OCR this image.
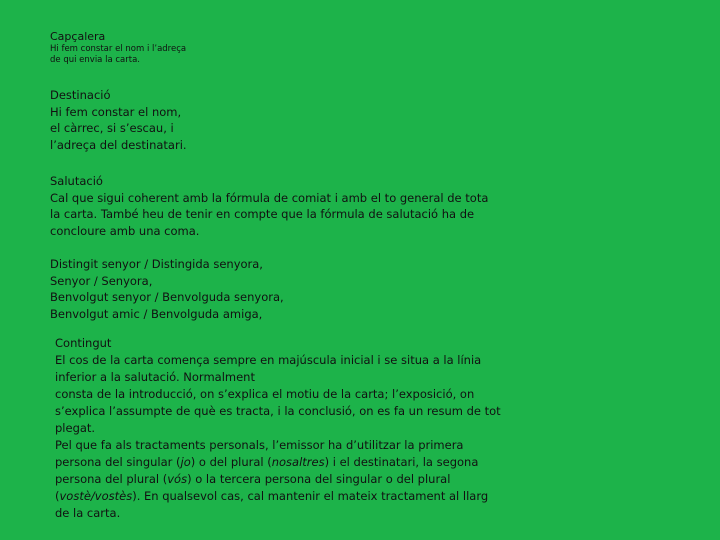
Capçalera
Hi fem constar el nom i l’adreça
de qui envia la carta.
Destinació
Hi fem constar el nom,
el càrrec, si s’escau, i
l’adreça del destinatari.
Salutació
Cal que sigui coherent amb la fórmula de comiat i amb el to general de tota
la carta. També heu de tenir en compte que la fórmula de salutació ha de
concloure amb una coma.
Distingit senyor / Distingida senyora,
Senyor / Senyora,
Benvolgut senyor / Benvolguda senyora,
Benvolgut amic / Benvolguda amiga,
Contingut
El cos de la carta comença sempre en majúscula inicial i se situa a la línia
inferior a la salutació. Normalment
consta de la introducció, on s’explica el motiu de la carta; l’exposició, on
s’explica l’assumpte de què es tracta, i la conclusió, on es fa un resum de tot
plegat.
Pel que fa als tractaments personals, l’emissor ha d’utilitzar la primera
persona del singular (jo) o del plural (nosaltres) i el destinatari, la segona
persona del plural (vós) o la tercera persona del singular o del plural
(vostè/vostès). En qualsevol cas, cal mantenir el mateix tractament al llarg
de la carta.
